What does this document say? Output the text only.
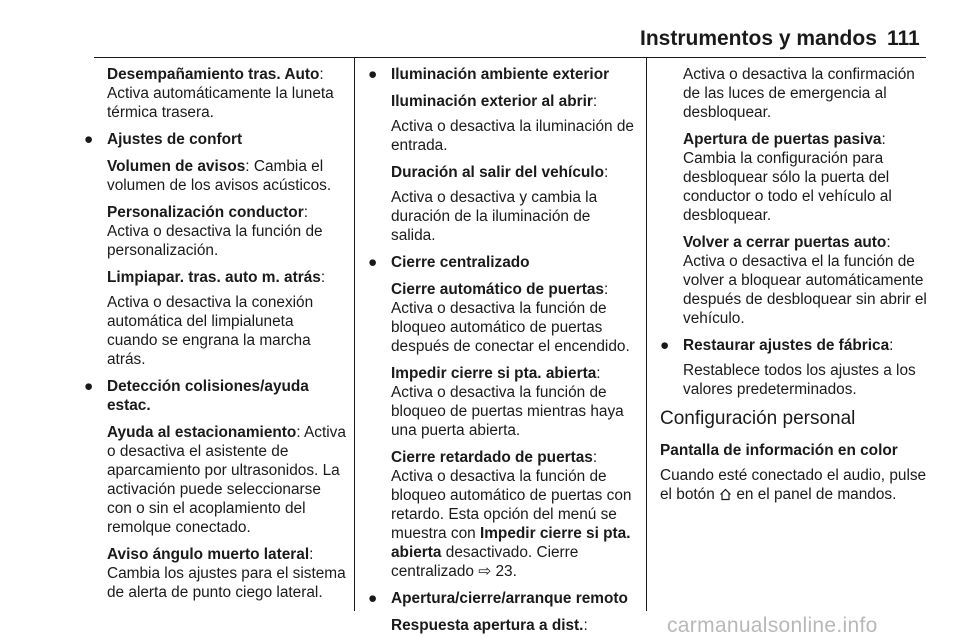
Instrumentos y mandos 111
Desempañamiento tras. Auto: Activa automáticamente la luneta térmica trasera.
● Ajustes de confort
Volumen de avisos: Cambia el volumen de los avisos acústicos.
Personalización conductor: Activa o desactiva la función de personalización.
Limpiapar. tras. auto m. atrás:
Activa o desactiva la conexión automática del limpialuneta cuando se engrana la marcha atrás.
● Detección colisiones/ayuda estac.
Ayuda al estacionamiento: Activa o desactiva el asistente de aparcamiento por ultrasonidos. La activación puede seleccionarse con o sin el acoplamiento del remolque conectado.
Aviso ángulo muerto lateral: Cambia los ajustes para el sistema de alerta de punto ciego lateral.
● Iluminación ambiente exterior
Iluminación exterior al abrir:
Activa o desactiva la iluminación de entrada.
Duración al salir del vehículo:
Activa o desactiva y cambia la duración de la iluminación de salida.
● Cierre centralizado
Cierre automático de puertas: Activa o desactiva la función de bloqueo automático de puertas después de conectar el encendido.
Impedir cierre si pta. abierta: Activa o desactiva la función de bloqueo de puertas mientras haya una puerta abierta.
Cierre retardado de puertas: Activa o desactiva la función de bloqueo automático de puertas con retardo. Esta opción del menú se muestra con Impedir cierre si pta. abierta desactivado. Cierre centralizado ⇨ 23.
● Apertura/cierre/arranque remoto
Respuesta apertura a dist.:
Activa o desactiva la confirmación de las luces de emergencia al desbloquear.
Apertura de puertas pasiva: Cambia la configuración para desbloquear sólo la puerta del conductor o todo el vehículo al desbloquear.
Volver a cerrar puertas auto: Activa o desactiva el la función de volver a bloquear automáticamente después de desbloquear sin abrir el vehículo.
● Restaurar ajustes de fábrica:
Restablece todos los ajustes a los valores predeterminados.
Configuración personal
Pantalla de información en color
Cuando esté conectado el audio, pulse el botón en el panel de mandos.
carmanualsonline.info
